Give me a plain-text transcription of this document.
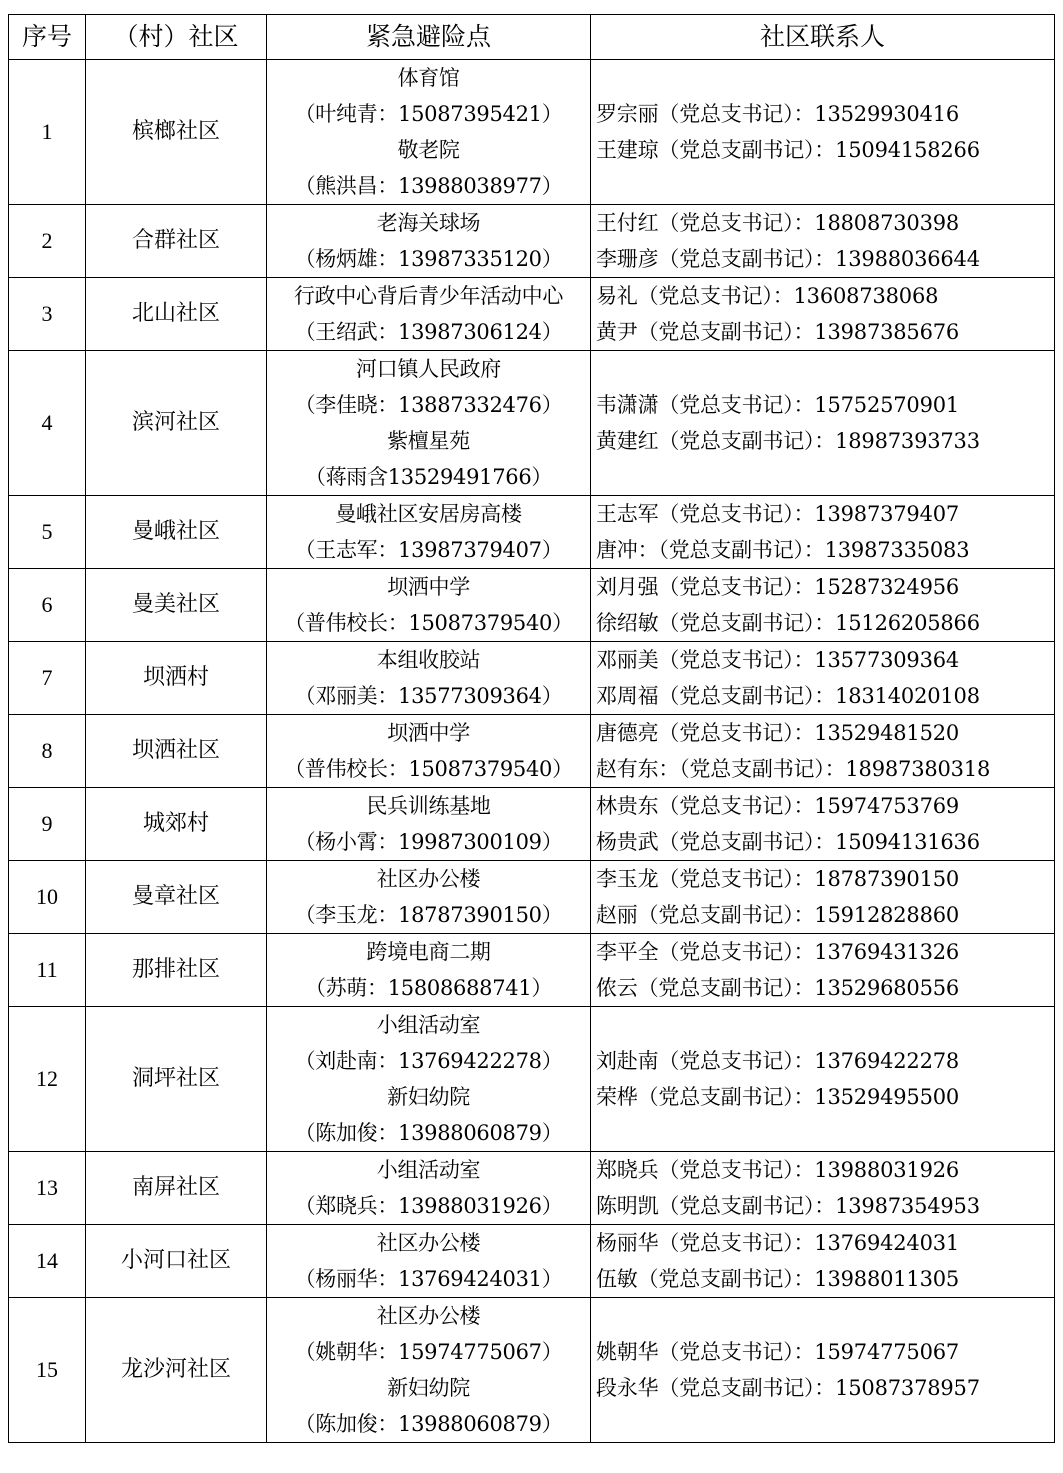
序号	（村）社区	紧急避险点	社区联系人
1	槟榔社区	体育馆
（叶纯青：15087395421）
敬老院
（熊洪昌：13988038977）	罗宗丽（党总支书记）：13529930416
王建琼（党总支副书记）：15094158266

2	合群社区	老海关球场
（杨炳雄：13987335120）	王付红（党总支书记）：18808730398
李珊彦（党总支副书记）：13988036644

3	北山社区	行政中心背后青少年活动中心
（王绍武：13987306124）	易礼（党总支书记）：13608738068
黄尹（党总支副书记）：13987385676

4	滨河社区	河口镇人民政府
（李佳晓：13887332476）
紫檀星苑
（蒋雨含13529491766）	韦潇潇（党总支书记）：15752570901
黄建红（党总支副书记）：18987393733

5	曼峨社区	曼峨社区安居房高楼
（王志军：13987379407）	王志军（党总支书记）：13987379407
唐冲：（党总支副书记）：13987335083

6	曼美社区	坝洒中学
（普伟校长：15087379540）	刘月强（党总支书记）：15287324956
徐绍敏（党总支副书记）：15126205866

7	坝洒村	本组收胶站
（邓丽美：13577309364）	邓丽美（党总支书记）：13577309364
邓周福（党总支副书记）：18314020108

8	坝洒社区	坝洒中学
（普伟校长：15087379540）	唐德亮（党总支书记）：13529481520
赵有东：（党总支副书记）：18987380318

9	城郊村	民兵训练基地
（杨小霄：19987300109）	林贵东（党总支书记）：15974753769
杨贵武（党总支副书记）：15094131636

10	曼章社区	社区办公楼
（李玉龙：18787390150）	李玉龙（党总支书记）：18787390150
赵丽（党总支副书记）：15912828860

11	那排社区	跨境电商二期
（苏萌：15808688741）	李平全（党总支书记）：13769431326
侬云（党总支副书记）：13529680556

12	洞坪社区	小组活动室
（刘赴南：13769422278）
新妇幼院
（陈加俊：13988060879）	刘赴南（党总支书记）：13769422278
荣桦（党总支副书记）：13529495500

13	南屏社区	小组活动室
（郑晓兵：13988031926）	郑晓兵（党总支书记）：13988031926
陈明凯（党总支副书记）：13987354953

14	小河口社区	社区办公楼
（杨丽华：13769424031）	杨丽华（党总支书记）：13769424031
伍敏（党总支副书记）：13988011305

15	龙沙河社区	社区办公楼
（姚朝华：15974775067）
新妇幼院
（陈加俊：13988060879）	姚朝华（党总支书记）：15974775067
段永华（党总支副书记）：15087378957
